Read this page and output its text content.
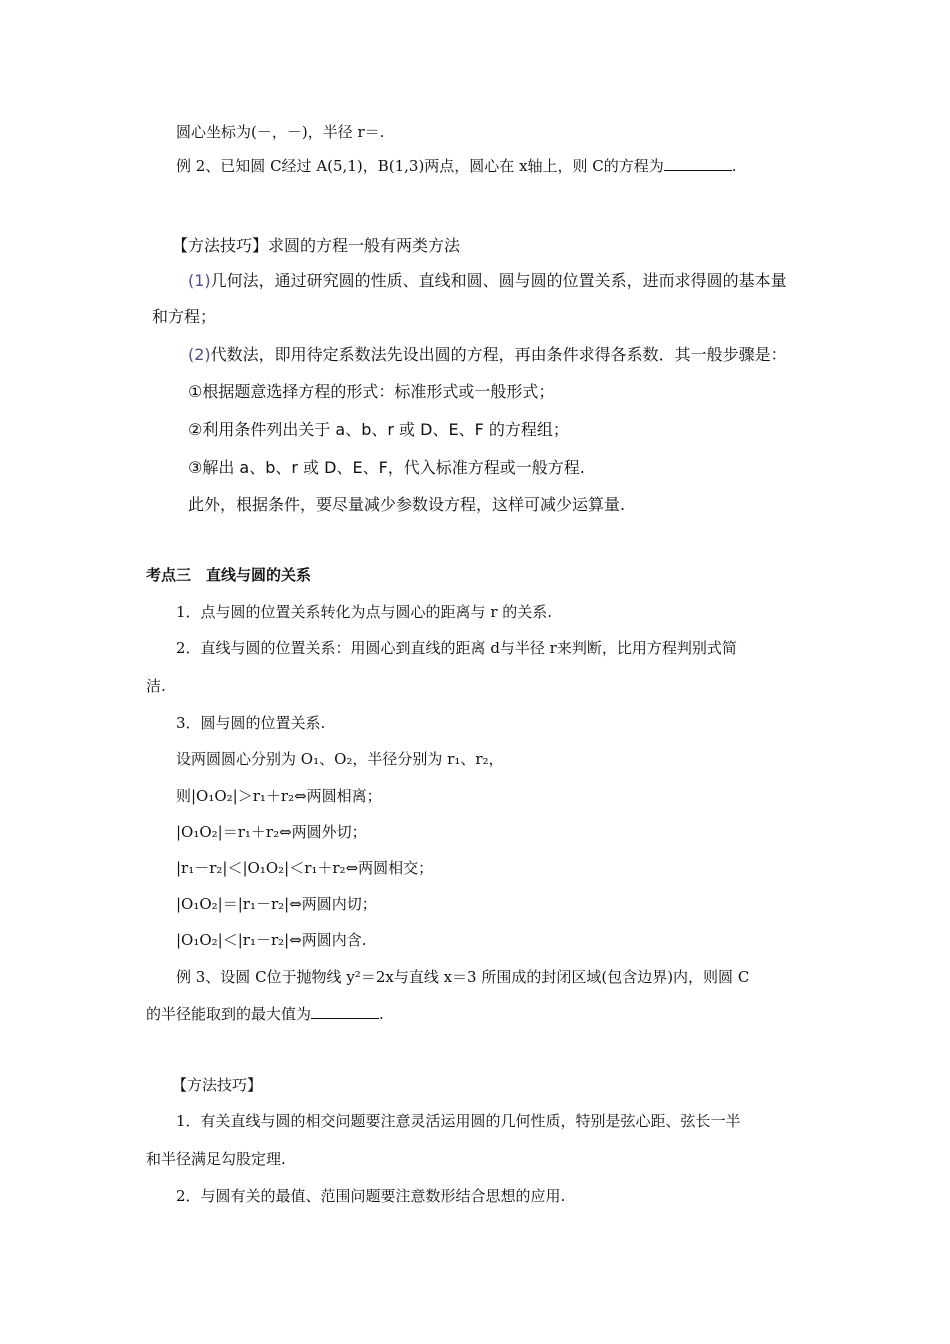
圆心坐标为(－，－)，半径 r＝.
例 2、已知圆 C经过 A(5,1)，B(1,3)两点，圆心在 x轴上，则 C的方程为	.
【方法技巧】求圆的方程一般有两类方法
(1)几何法，通过研究圆的性质、直线和圆、圆与圆的位置关系，进而求得圆的基本量
和方程；
(2)代数法，即用待定系数法先设出圆的方程，再由条件求得各系数．其一般步骤是：
①根据题意选择方程的形式：标准形式或一般形式；
②利用条件列出关于 a、b、r 或 D、E、F 的方程组；
③解出 a、b、r 或 D、E、F，代入标准方程或一般方程.
此外，根据条件，要尽量减少参数设方程，这样可减少运算量.
考点三　直线与圆的关系
1．点与圆的位置关系转化为点与圆心的距离与 r 的关系.
2．直线与圆的位置关系：用圆心到直线的距离 d与半径 r来判断，比用方程判别式简
洁.
3．圆与圆的位置关系.
设两圆圆心分别为 O₁、O₂，半径分别为 r₁、r₂，
则|O₁O₂|＞r₁＋r₂⇔两圆相离；
|O₁O₂|＝r₁＋r₂⇔两圆外切；
|r₁－r₂|＜|O₁O₂|＜r₁＋r₂⇔两圆相交；
|O₁O₂|＝|r₁－r₂|⇔两圆内切；
|O₁O₂|＜|r₁－r₂|⇔两圆内含.
例 3、设圆 C位于抛物线 y²＝2x与直线 x＝3 所围成的封闭区域(包含边界)内，则圆 C
的半径能取到的最大值为	.
【方法技巧】
1．有关直线与圆的相交问题要注意灵活运用圆的几何性质，特别是弦心距、弦长一半
和半径满足勾股定理.
2．与圆有关的最值、范围问题要注意数形结合思想的应用.
